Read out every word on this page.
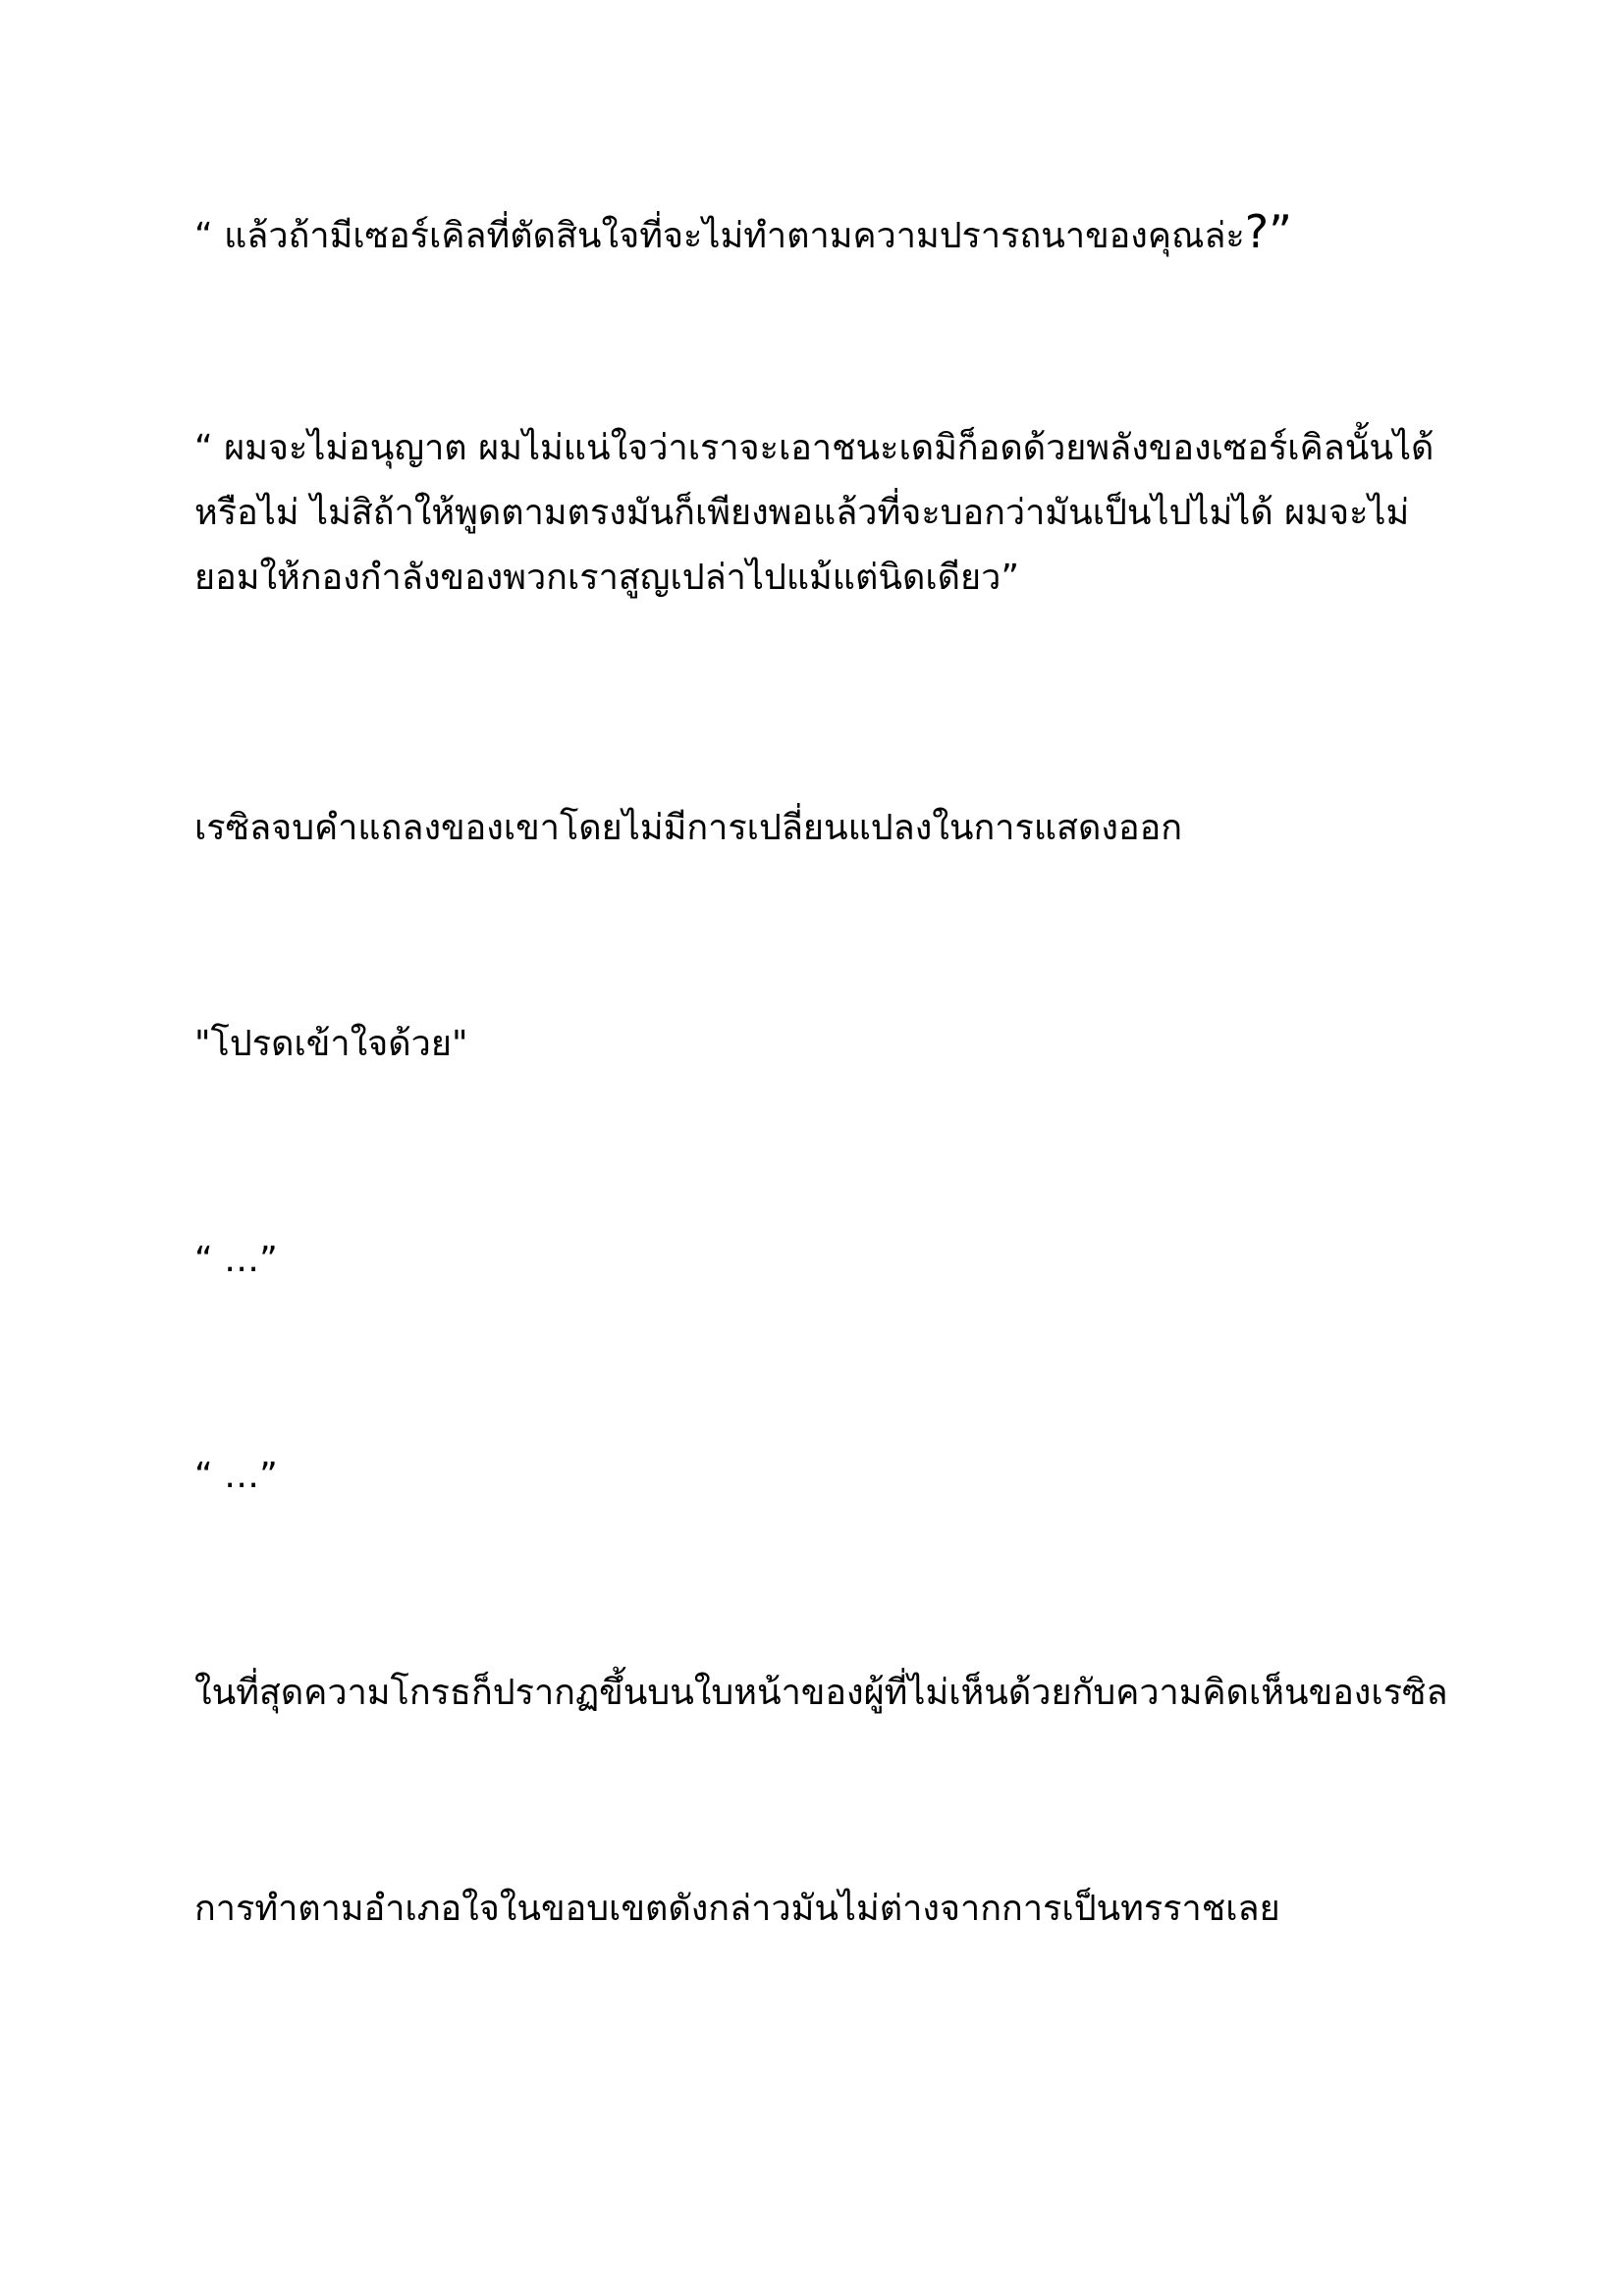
“ แล้วถ้ามีเซอร์เคิลที่ตัดสินใจที่จะไม่ทำตามความปรารถนาของคุณล่ะ?”

“ ผมจะไม่อนุญาต ผมไม่แน่ใจว่าเราจะเอาชนะเดมิก็อดด้วยพลังของเซอร์เคิลนั้นได้
หรือไม่ ไม่สิถ้าให้พูดตามตรงมันก็เพียงพอแล้วที่จะบอกว่ามันเป็นไปไม่ได้ ผมจะไม่
ยอมให้กองกำลังของพวกเราสูญเปล่าไปแม้แต่นิดเดียว”

เรซิลจบคำแถลงของเขาโดยไม่มีการเปลี่ยนแปลงในการแสดงออก

"โปรดเข้าใจด้วย"

“ …”

“ …”

ในที่สุดความโกรธก็ปรากฏขึ้นบนใบหน้าของผู้ที่ไม่เห็นด้วยกับความคิดเห็นของเรซิล

การทำตามอำเภอใจในขอบเขตดังกล่าวมันไม่ต่างจากการเป็นทรราชเลย
